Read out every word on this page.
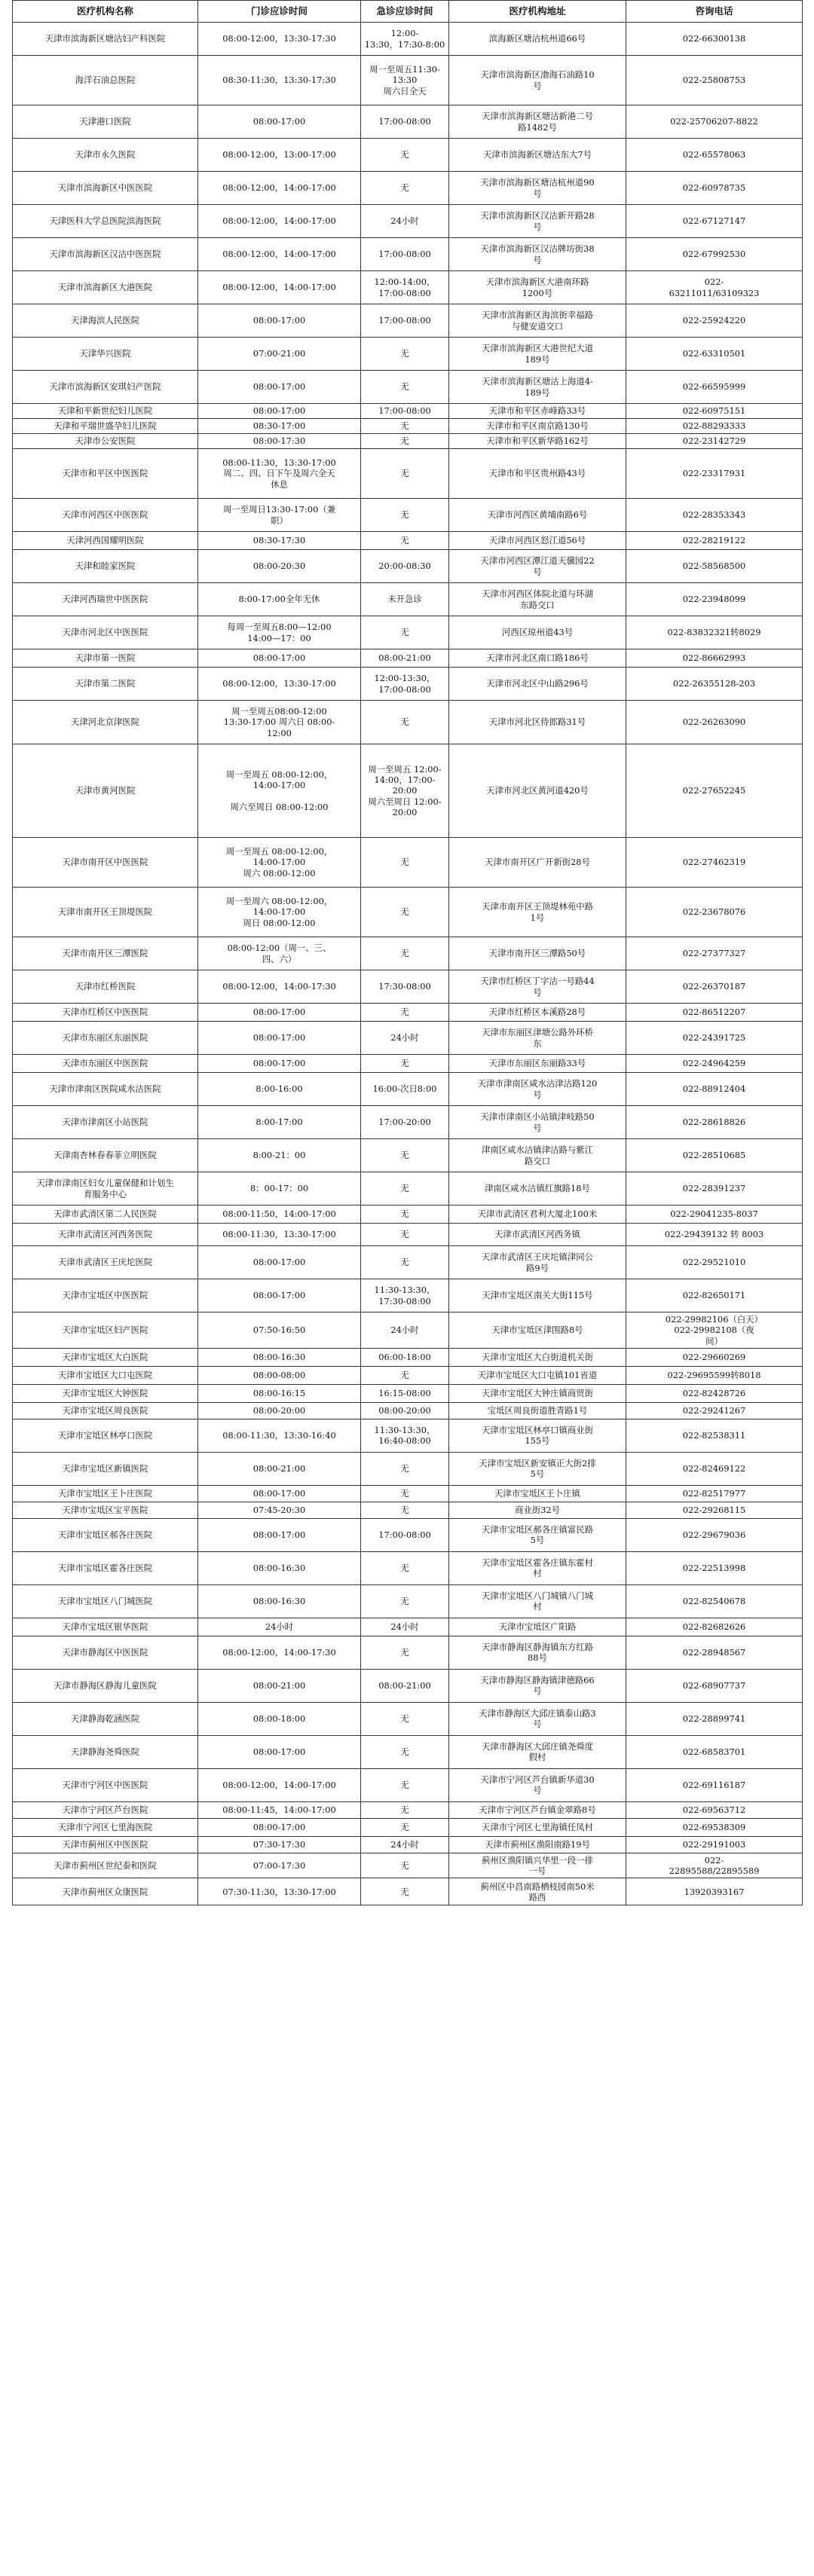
医疗机构名称	门诊应诊时间	急诊应诊时间	医疗机构地址	咨询电话

天津市滨海新区塘沽妇产科医院	08:00-12:00，13:30-17:30	12:00-
13:30，17:30-8:00	滨海新区塘沽杭州道66号	022-66300138

海洋石油总医院	08:30-11:30，13:30-17:30	周一至周五11:30-
13:30
周六日全天	天津市滨海新区渤海石油路10
号	022-25808753

天津港口医院	08:00-17:00	17:00-08:00	天津市滨海新区塘沽新港二号
路1482号	022-25706207-8822

天津市永久医院	08:00-12:00，13:00-17:00	无	天津市滨海新区塘沽东大7号	022-65578063

天津市滨海新区中医医院	08:00-12:00，14:00-17:00	无	天津市滨海新区塘沽杭州道90
号	022-60978735

天津医科大学总医院滨海医院	08:00-12:00，14:00-17:00	24小时	天津市滨海新区汉沽新开路28
号	022-67127147

天津市滨海新区汉沽中医医院	08:00-12:00，14:00-17:00	17:00-08:00	天津市滨海新区汉沽牌坊街38
号	022-67992530

天津市滨海新区大港医院	08:00-12:00，14:00-17:00	12:00-14:00，
17:00-08:00	天津市滨海新区大港南环路
1200号	022-
63211011/63109323

天津海滨人民医院	08:00-17:00	17:00-08:00	天津市滨海新区海滨街幸福路
与健安道交口	022-25924220

天津华兴医院	07:00-21:00	无	天津市滨海新区大港世纪大道
189号	022-63310501

天津市滨海新区安琪妇产医院	08:00-17:00	无	天津市滨海新区塘沽上海道4-
189号	022-66595999

天津和平新世纪妇儿医院	08:00-17:00	17:00-08:00	天津市和平区赤峰路33号	022-60975151

天津和平瑞世盛孕妇儿医院	08:30-17:00	无	天津市和平区南京路130号	022-88293333

天津市公安医院	08:00-17:30	无	天津市和平区新华路162号	022-23142729

天津市和平区中医医院	08:00-11:30，13:30-17:00
周二、四、日下午及周六全天
休息	无	天津市和平区贵州路43号	022-23317931

天津市河西区中医医院	周一至周日13:30-17:00（兼
职）	无	天津市河西区黄埔南路6号	022-28353343

天津河西国耀明医院	08:30-17:30	无	天津市河西区怒江道56号	022-28219122

天津和睦家医院	08:00-20:30	20:00-08:30	天津市河西区潭江道天骥园22
号	022-58568500

天津河西瑞世中医医院	8:00-17:00全年无休	未开急诊	天津市河西区体院北道与环湖
东路交口	022-23948099

天津市河北区中医医院	每周一至周五8:00—12:00
14:00—17：00	无	河西区琼州道43号	022-83832321转8029

天津市第一医院	08:00-17:00	08:00-21:00	天津市河北区南口路186号	022-86662993

天津市第二医院	08:00-12:00，13:30-17:00	12:00-13:30，
17:00-08:00	天津市河北区中山路296号	022-26355128-203

天津河北京津医院	周一至周五08:00-12:00
13:30-17:00 周六日 08:00-
12:00	无	天津市河北区侍郎路31号	022-26263090

天津市黄河医院	周一至周五 08:00-12:00，
14:00-17:00

周六至周日 08:00-12:00	周一至周五 12:00-
14:00，17:00-
20:00
周六至周日 12:00-
20:00	天津市河北区黄河道420号	022-27652245

天津市南开区中医医院	周一至周五 08:00-12:00，
14:00-17:00
周六 08:00-12:00	无	天津市南开区广开新街28号	022-27462319

天津市南开区王顶堤医院	周一至周六 08:00-12:00，
14:00-17:00
周日 08:00-12:00	无	天津市南开区王顶堤林苑中路
1号	022-23678076

天津市南开区三潭医院	08:00-12:00（周一、三、
四、六）	无	天津市南开区三潭路50号	022-27377327

天津市红桥医院	08:00-12:00，14:00-17:30	17:30-08:00	天津市红桥区丁字沽一号路44
号	022-26370187

天津市红桥区中医医院	08:00-17:00	无	天津市红桥区本溪路28号	022-86512207

天津市东丽区东丽医院	08:00-17:00	24小时	天津市东丽区津塘公路外环桥
东	022-24391725

天津市东丽区中医医院	08:00-17:00	无	天津市东丽区东丽路33号	022-24964259

天津市津南区医院咸水沽医院	8:00-16:00	16:00-次日8:00	天津市津南区咸水沽津沽路120
号	022-88912404

天津市津南区小站医院	8:00-17:00	17:00-20:00	天津市津南区小站镇津岐路50
号	022-28618826

天津南杏林春春菲立明医院	8:00-21：00	无	津南区咸水沽镇津沽路与紫江
路交口	022-28510685

天津市津南区妇女儿童保健和计划生
育服务中心	8：00-17：00	无	津南区咸水沽镇红旗路18号	022-28391237

天津市武清区第二人民医院	08:00-11:50，14:00-17:00	无	天津市武清区君利大厦北100米	022-29041235-8037

天津市武清区河西务医院	08:00-11:30，13:30-17:00	无	天津市武清区河西务镇	022-29439132 转 8003

天津市武清区王庆坨医院	08:00-17:00	无	天津市武清区王庆坨镇津同公
路9号	022-29521010

天津市宝坻区中医医院	08:00-17:00	11:30-13:30，
17:30-08:00	天津市宝坻区南关大街115号	022-82650171

天津市宝坻区妇产医院	07:50-16:50	24小时	天津市宝坻区津围路8号	022-29982106（白天）
022-29982108（夜
间）

天津市宝坻区大白医院	08:00-16:30	06:00-18:00	天津市宝坻区大白街道机关街	022-29660269

天津市宝坻区大口屯医院	08:00-08:00	无	天津市宝坻区大口屯镇101省道	022-29695599转8018

天津市宝坻区大钟医院	08:00-16:15	16:15-08:00	天津市宝坻区大钟庄镇商贸街	022-82428726

天津市宝坻区周良医院	08:00-20:00	08:00-20:00	宝坻区周良街道胜青路1号	022-29241267

天津市宝坻区林亭口医院	08:00-11:30，13:30-16:40	11:30-13:30，
16:40-08:00	天津市宝坻区林亭口镇商业街
155号	022-82538311

天津市宝坻区新镇医院	08:00-21:00	无	天津市宝坻区新安镇正大街2排
5号	022-82469122

天津市宝坻区王卜庄医院	08:00-17:00	无	天津市宝坻区王卜庄镇	022-82517977

天津市宝坻区宝平医院	07:45-20:30	无	商业街32号	022-29268115

天津市宝坻区郝各庄医院	08:00-17:00	17:00-08:00	天津市宝坻区郝各庄镇富民路
5号	022-29679036

天津市宝坻区霍各庄医院	08:00-16:30	无	天津市宝坻区霍各庄镇东霍村
村	022-22513998

天津市宝坻区八门城医院	08:00-16:30	无	天津市宝坻区八门城镇八门城
村	022-82540678

天津市宝坻区银华医院	24小时	24小时	天津市宝坻区广阳路	022-82682626

天津市静海区中医医院	08:00-12:00，14:00-17:30	无	天津市静海区静海镇东方红路
88号	022-28948567

天津市静海区静海儿童医院	08:00-21:00	08:00-21:00	天津市静海区静海镇津德路66
号	022-68907737

天津静海乾涵医院	08:00-18:00	无	天津市静海区大邱庄镇泰山路3
号	022-28899741

天津静海尧舜医院	08:00-17:00	无	天津市静海区大邱庄镇尧舜度
假村	022-68583701

天津市宁河区中医医院	08:00-12:00，14:00-17:00	无	天津市宁河区芦台镇新华道30
号	022-69116187

天津市宁河区芦台医院	08:00-11:45，14:00-17:00	无	天津市宁河区芦台镇金翠路8号	022-69563712

天津市宁河区七里海医院	08:00-17:00	无	天津市宁河区七里海镇任凤村	022-69538309

天津市蓟州区中医医院	07:30-17:30	24小时	天津市蓟州区渔阳南路19号	022-29191003

天津市蓟州区世纪泰和医院	07:00-17:30	无	蓟州区渔阳镇兴华里一段一排
一号	022-
22895588/22895589

天津市蓟州区众康医院	07:30-11:30，13:30-17:00	无	蓟州区中昌南路栖枝园南50米
路西	13920393167
